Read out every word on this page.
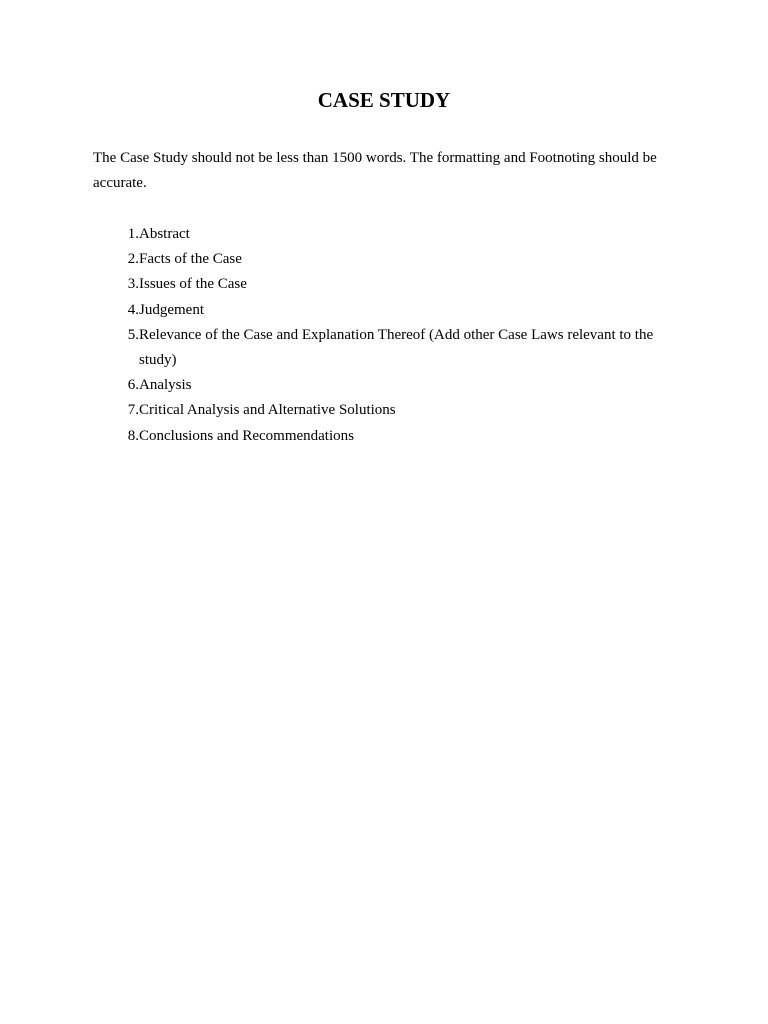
CASE STUDY

The Case Study should not be less than 1500 words. The formatting and Footnoting should be accurate.

1. Abstract
2. Facts of the Case
3. Issues of the Case
4. Judgement
5. Relevance of the Case and Explanation Thereof (Add other Case Laws relevant to the study)
6. Analysis
7. Critical Analysis and Alternative Solutions
8. Conclusions and Recommendations
